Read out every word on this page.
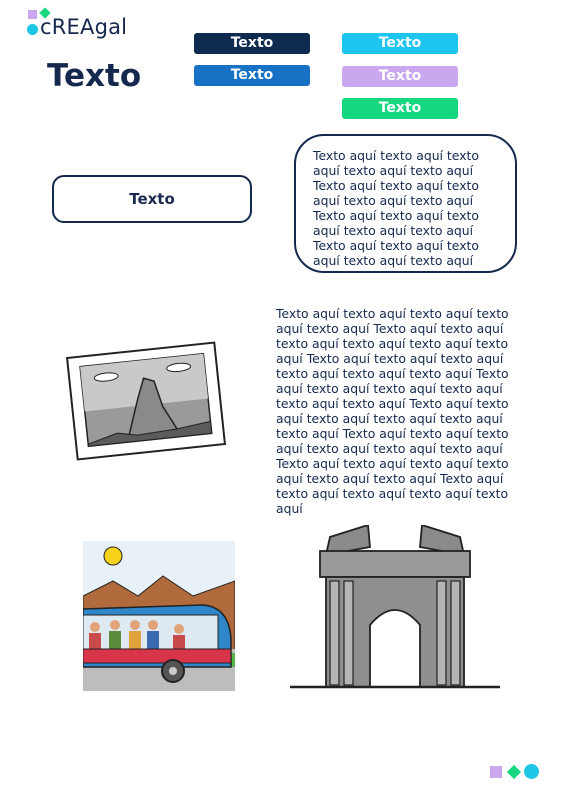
cREAgal
Texto
Texto
Texto
Texto
Texto
Texto
Texto
Texto aquí texto aquí texto aquí texto aquí texto aquí Texto aquí texto aquí texto aquí texto aquí texto aquí Texto aquí texto aquí texto aquí texto aquí texto aquí Texto aquí texto aquí texto aquí texto aquí texto aquí
Texto aquí texto aquí texto aquí texto aquí texto aquí Texto aquí texto aquí texto aquí texto aquí texto aquí texto aquí Texto aquí texto aquí texto aquí texto aquí texto aquí texto aquí Texto aquí texto aquí texto aquí texto aquí texto aquí texto aquí Texto aquí texto aquí texto aquí texto aquí texto aquí texto aquí Texto aquí texto aquí texto aquí texto aquí texto aquí texto aquí Texto aquí texto aquí texto aquí texto aquí texto aquí texto aquí Texto aquí texto aquí texto aquí texto aquí texto aquí
